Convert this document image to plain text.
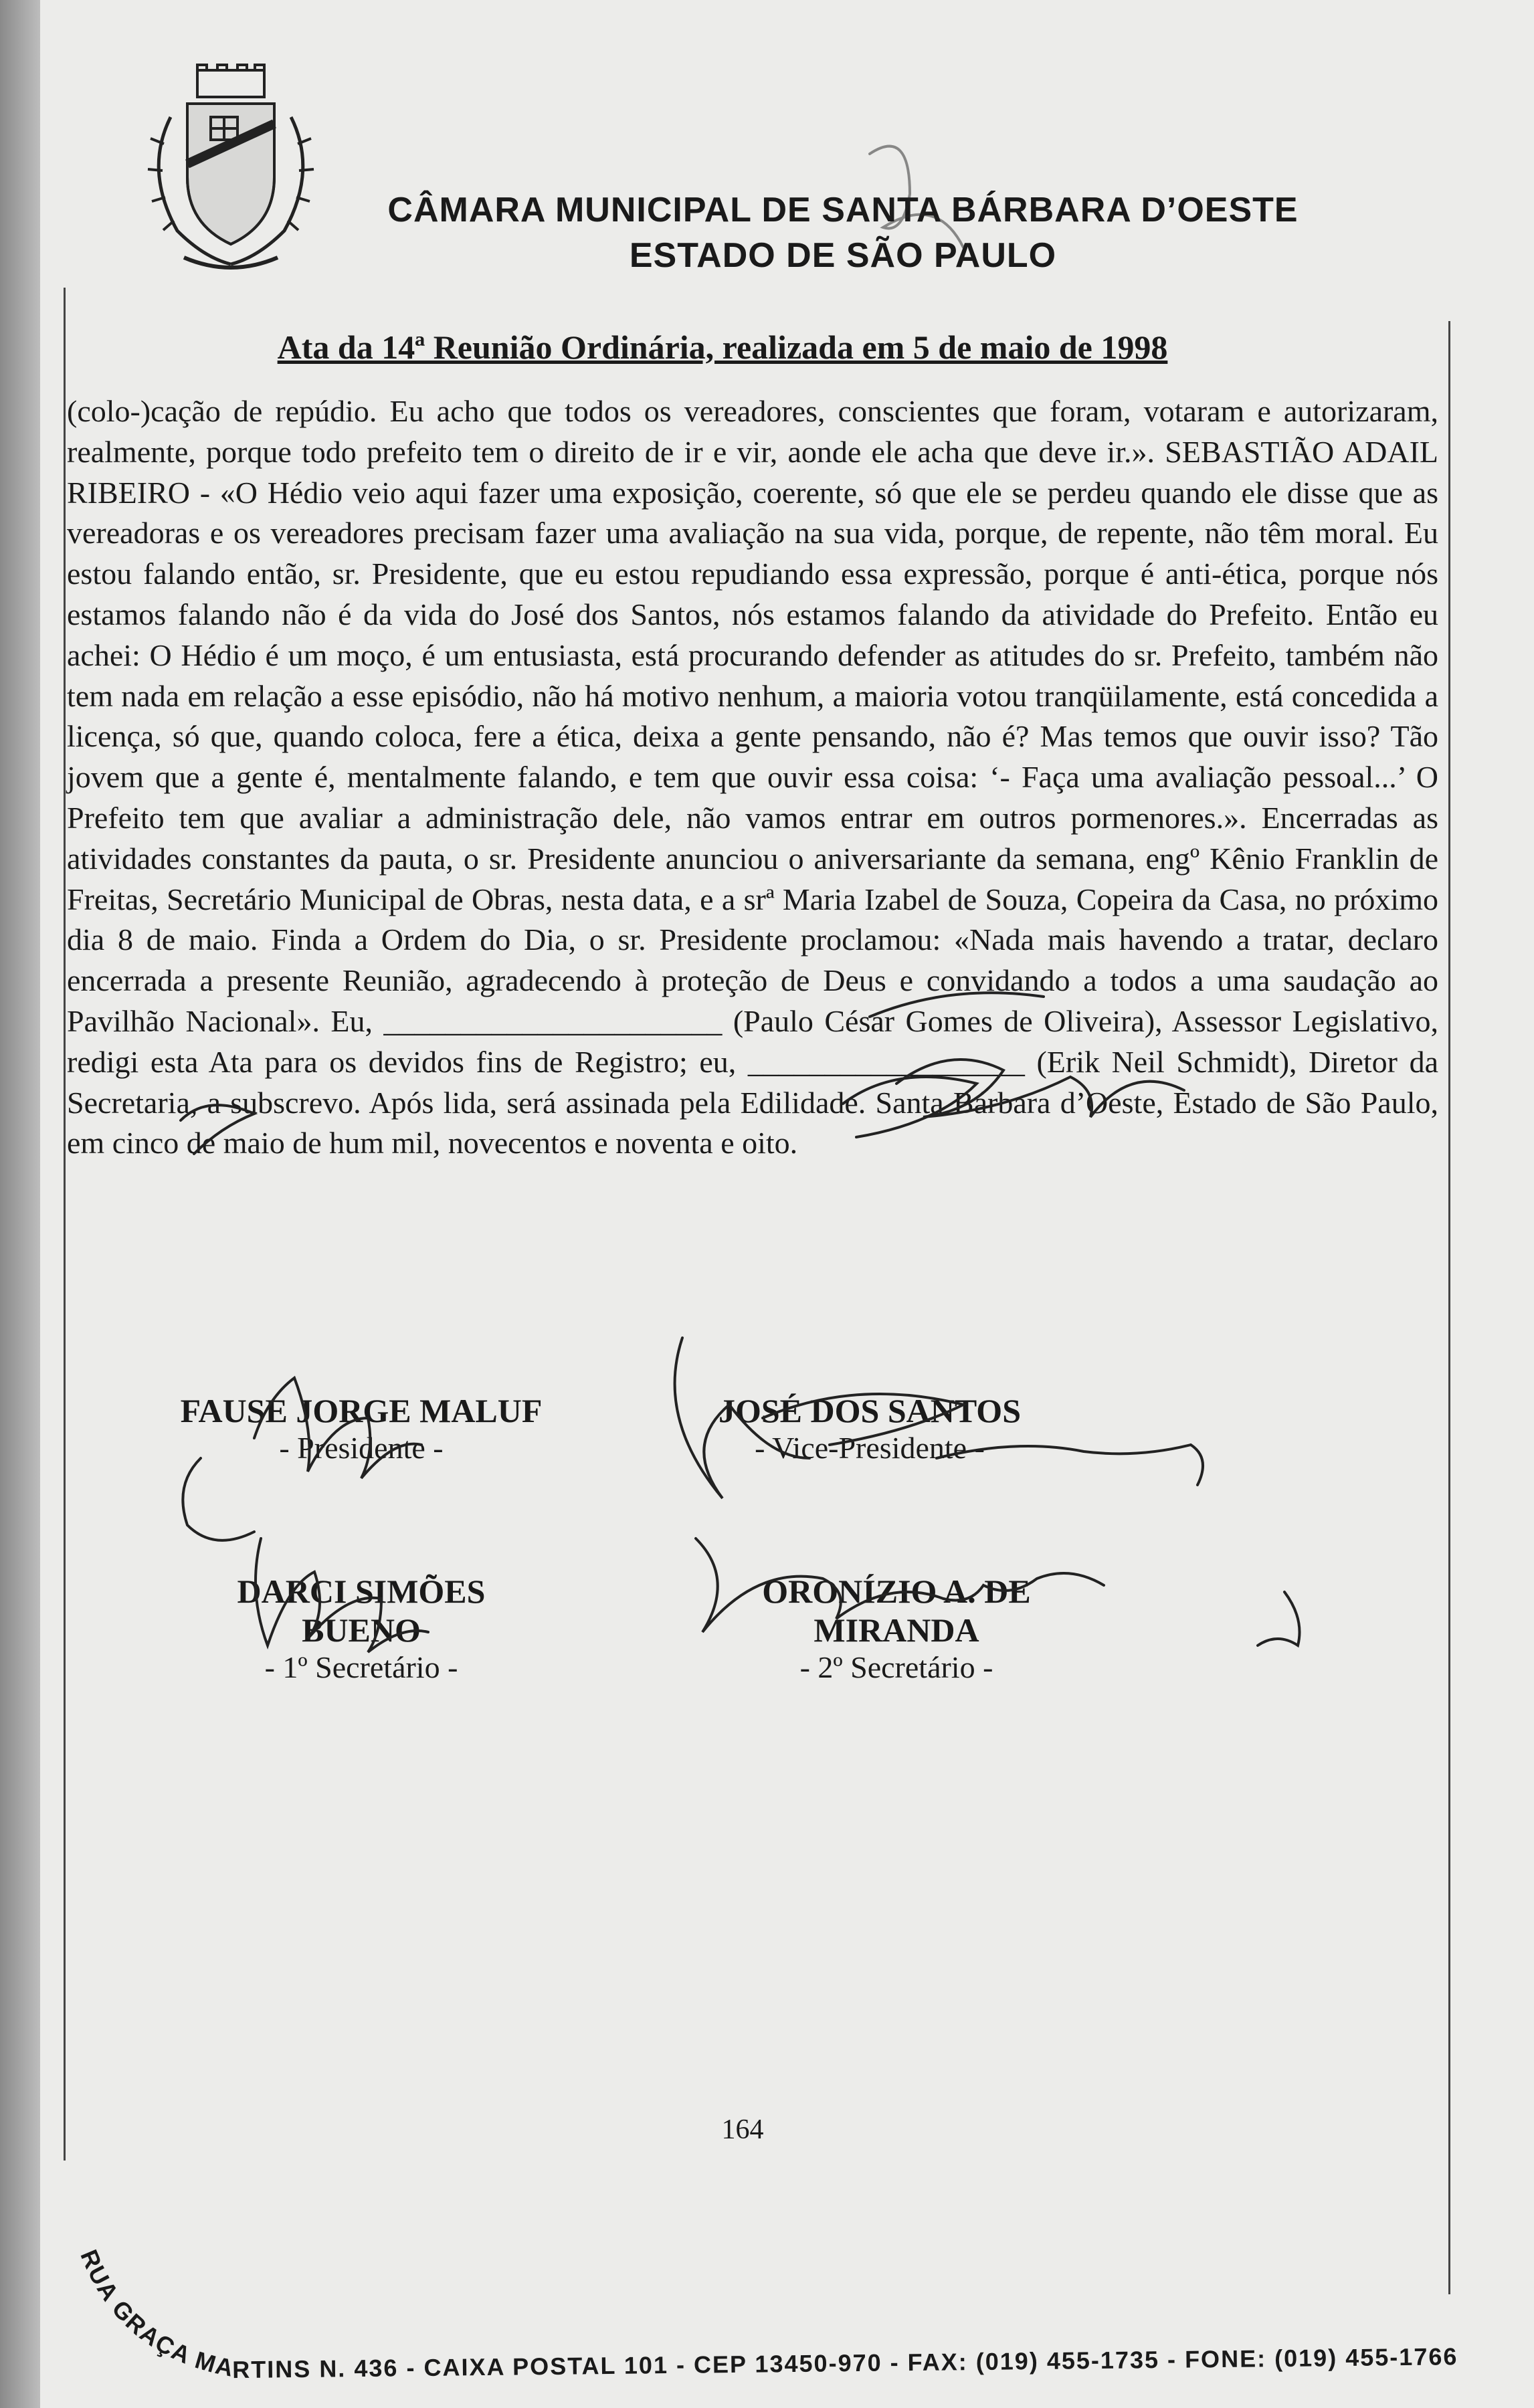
CÂMARA MUNICIPAL DE SANTA BÁRBARA D’OESTE
ESTADO DE SÃO PAULO
Ata da 14ª Reunião Ordinária, realizada em 5 de maio de 1998

(colo-)cação de repúdio. Eu acho que todos os vereadores, conscientes que foram, votaram e autorizaram, realmente, porque todo prefeito tem o direito de ir e vir, aonde ele acha que deve ir.». SEBASTIÃO ADAIL RIBEIRO - «O Hédio veio aqui fazer uma exposição, coerente, só que ele se perdeu quando ele disse que as vereadoras e os vereadores precisam fazer uma avaliação na sua vida, porque, de repente, não têm moral. Eu estou falando então, sr. Presidente, que eu estou repudiando essa expressão, porque é anti-ética, porque nós estamos falando não é da vida do José dos Santos, nós estamos falando da atividade do Prefeito. Então eu achei: O Hédio é um moço, é um entusiasta, está procurando defender as atitudes do sr. Prefeito, também não tem nada em relação a esse episódio, não há motivo nenhum, a maioria votou tranqüilamente, está concedida a licença, só que, quando coloca, fere a ética, deixa a gente pensando, não é? Mas temos que ouvir isso? Tão jovem que a gente é, mentalmente falando, e tem que ouvir essa coisa: ‘- Faça uma avaliação pessoal...’ O Prefeito tem que avaliar a administração dele, não vamos entrar em outros pormenores.». Encerradas as atividades constantes da pauta, o sr. Presidente anunciou o aniversariante da semana, engº Kênio Franklin de Freitas, Secretário Municipal de Obras, nesta data, e a srª Maria Izabel de Souza, Copeira da Casa, no próximo dia 8 de maio. Finda a Ordem do Dia, o sr. Presidente proclamou: «Nada mais havendo a tratar, declaro encerrada a presente Reunião, agradecendo à proteção de Deus e convidando a todos a uma saudação ao Pavilhão Nacional». Eu, ______________________ (Paulo César Gomes de Oliveira), Assessor Legislativo, redigi esta Ata para os devidos fins de Registro; eu, __________________ (Erik Neil Schmidt), Diretor da Secretaria, a subscrevo. Após lida, será assinada pela Edilidade. Santa Bárbara d’Oeste, Estado de São Paulo, em cinco de maio de hum mil, novecentos e noventa e oito.

FAUSE JORGE MALUF
- Presidente -
JOSÉ DOS SANTOS
- Vice-Presidente -
DARCI SIMÕES BUENO
- 1º Secretário -
ORONÍZIO A. DE MIRANDA
- 2º Secretário -
164
UA GRAÇA MARTINS N. 436 - CAIXA POSTAL 101 - CEP 13450-970 - FAX: (019) 455-1735 - FONE: (019) 455-1766
